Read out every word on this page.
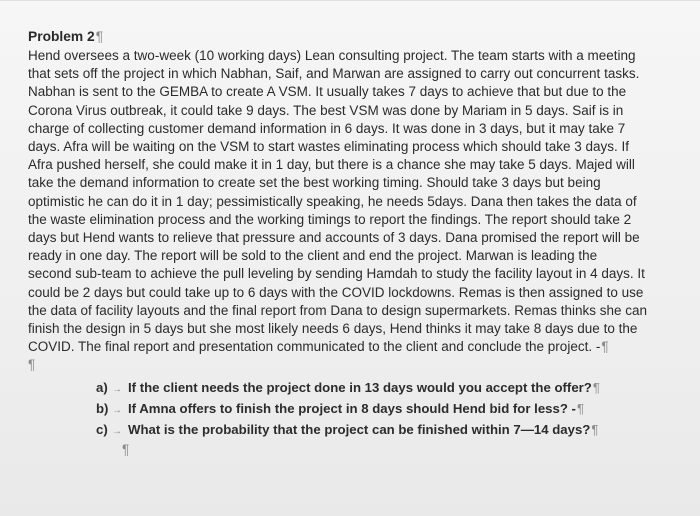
Problem 2¶
Hend oversees a two-week (10 working days) Lean consulting project. The team starts with a meeting
that sets off the project in which Nabhan, Saif, and Marwan are assigned to carry out concurrent tasks.
Nabhan is sent to the GEMBA to create A VSM. It usually takes 7 days to achieve that but due to the
Corona Virus outbreak, it could take 9 days. The best VSM was done by Mariam in 5 days. Saif is in
charge of collecting customer demand information in 6 days. It was done in 3 days, but it may take 7
days. Afra will be waiting on the VSM to start wastes eliminating process which should take 3 days. If
Afra pushed herself, she could make it in 1 day, but there is a chance she may take 5 days. Majed will
take the demand information to create set the best working timing. Should take 3 days but being
optimistic he can do it in 1 day; pessimistically speaking, he needs 5days. Dana then takes the data of
the waste elimination process and the working timings to report the findings. The report should take 2
days but Hend wants to relieve that pressure and accounts of 3 days. Dana promised the report will be
ready in one day. The report will be sold to the client and end the project. Marwan is leading the
second sub-team to achieve the pull leveling by sending Hamdah to study the facility layout in 4 days. It
could be 2 days but could take up to 6 days with the COVID lockdowns. Remas is then assigned to use
the data of facility layouts and the final report from Dana to design supermarkets. Remas thinks she can
finish the design in 5 days but she most likely needs 6 days, Hend thinks it may take 8 days due to the
COVID. The final report and presentation communicated to the client and conclude the project. -¶
¶
a) → If the client needs the project done in 13 days would you accept the offer?¶
b) → If Amna offers to finish the project in 8 days should Hend bid for less? -¶
c) → What is the probability that the project can be finished within 7—14 days?¶
¶
